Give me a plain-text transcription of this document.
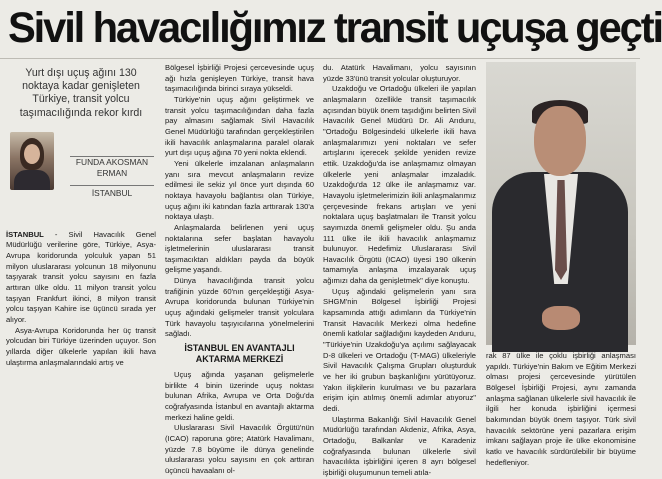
Sivil havacılığımız transit uçuşa geçti
Yurt dışı uçuş ağını 130 noktaya kadar genişleten Türkiye, transit yolcu taşımacılığında rekor kırdı
FUNDA AKOSMAN ERMAN
İSTANBUL

İSTANBUL - Sivil Havacılık Genel Müdürlüğü verilerine göre, Türkiye, Asya-Avrupa koridorunda yolculuk yapan 51 milyon uluslararası yolcunun 18 milyonunu taşıyarak transit yolcu sayısını en fazla arttıran ülke oldu. 11 milyon transit yolcu taşıyan Frankfurt ikinci, 8 milyon transit yolcu taşıyan Kahire ise üçüncü sırada yer alıyor.

Asya-Avrupa Koridorunda her üç transit yolcudan biri Türkiye üzerinden uçuyor. Son yıllarda diğer ülkelerle yapılan ikili hava ulaştırma anlaşmalarındaki artış ve

Bölgesel İşbirliği Projesi çercevesinde uçuş ağı hızla genişleyen Türkiye, transit hava taşımacılığında birinci sıraya yükseldi.

Türkiye'nin uçuş ağını geliştirmek ve transit yolcu taşımacılığından daha fazla pay almasını sağlamak Sivil Havacılık Genel Müdürlüğü tarafından gerçekleştirilen ikili havacılık anlaşmalarına paralel olarak yurt dışı uçuş ağına 70 yeni nokta eklendi.

Yeni ülkelerle imzalanan anlaşmaların yanı sıra mevcut anlaşmaların revize edilmesi ile sekiz yıl önce yurt dışında 60 noktaya havayolu bağlantısı olan Türkiye, uçuş ağını iki katından fazla arttırarak 130'a noktaya ulaştı.

Anlaşmalarda belirlenen yeni uçuş noktalarına sefer başlatan havayolu işletmelerinin uluslararası transit taşımacıktan aldıkları payda da büyük gelişme yaşandı.

Dünya havacılığında transit yolcu trafiğinin yüzde 60'nın gerçekleştiği Asya-Avrupa koridorunda bulunan Türkiye'nin uçuş ağındaki gelişmeler transit yolculara Türk havayolu taşıyıcılarına yönelmelerini sağladı.

İSTANBUL EN AVANTAJLI AKTARMA MERKEZİ

Uçuş ağında yaşanan gelişmelerle birlikte 4 binin üzerinde uçuş noktası bulunan Afrika, Avrupa ve Orta Doğu'da coğrafyasında İstanbul en avantajlı aktarma merkezi haline geldi.

Uluslararası Sivil Havacılık Örgütü'nün (ICAO) raporuna göre; Atatürk Havalimanı, yüzde 7.8 büyüme ile dünya genelinde uluslararası yolcu sayısını en çok arttıran üçüncü havaalanı ol-

du. Atatürk Havalimanı, yolcu sayısının yüzde 33'ünü transit yolcular oluşturuyor.

Uzakdoğu ve Ortadoğu ülkeleri ile yapılan anlaşmaların özellikle transit taşımacılık açısından büyük önem taşıdığını belirten Sivil Havacılık Genel Müdürü Dr. Ali Arıduru, "Ortadoğu Bölgesindeki ülkelerle ikili hava anlaşmalarımızı yeni noktaları ve sefer artışlarını içerecek şekilde yeniden revize ettik. Uzakdoğu'da ise anlaşmamız olmayan ülkelerle yeni anlaşmalar imzaladık. Uzakdoğu'da 12 ülke ile anlaşmamız var. Havayolu işletmelerimizin ikili anlaşmalarımız çerçevesinde frekans artışları ve yeni noktalara uçuş başlatmaları ile Transit yolcu sayımızda önemli gelişmeler oldu. Şu anda 111 ülke ile ikili havacılık anlaşmamız bulunuyor. Hedefimiz Uluslararası Sivil Havacılık Örgütü (ICAO) üyesi 190 ülkenin tamamıyla anlaşma imzalayarak uçuş ağımızı daha da genişletmek" diye konuştu.

Uçuş ağındaki gelişmelerin yanı sıra SHGM'nin Bölgesel İşbirliği Projesi kapsamında attığı adımların da Türkiye'nin Transit Havacılık Merkezi olma hedefine önemli katkılar sağladığını kaydeden Arıduru, "Türkiye'nin Uzakdoğu'ya açılımı sağlayacak D-8 ülkeleri ve Ortadoğu (T-MAG) ülkeleriyle Sivil Havacılık Çalışma Grupları oluşturduk ve her iki grubun başkanlığını yürütüyoruz. Yakın ilişkilerin kurulması ve bu pazarlara erişim için atılmış önemli adımlar atıyoruz" dedi.

Ulaştırma Bakanlığı Sivil Havacılık Genel Müdürlüğü tarafından Akdeniz, Afrika, Asya, Ortadoğu, Balkanlar ve Karadeniz coğrafyasında bulunan ülkelerle sivil havacılıkta işbirliğini içeren 8 ayrı bölgesel işbirliği oluşumunun temeli atıla-

rak 87 ülke ile çoklu işbirliği anlaşması yapıldı. Türkiye'nin Bakım ve Eğitim Merkezi olması projesi çercevesinde yürütülen Bölgesel İşbirliği Projesi, aynı zamanda anlaşma sağlanan ülkelerle sivil havacılık ile ilgili her konuda işbirliğini içermesi bakımından büyük önem taşıyor. Türk sivil havacılık sektörüne yeni pazarlara erişim imkanı sağlayan proje ile ülke ekonomisine katkı ve havacılık sürdürülebilir bir büyüme hedefleniyor.
